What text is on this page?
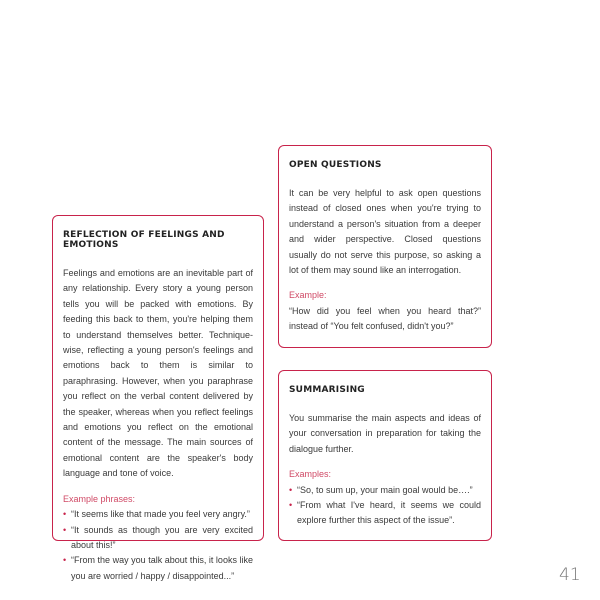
REFLECTION OF FEELINGS AND EMOTIONS

Feelings and emotions are an inevitable part of any relationship. Every story a young person tells you will be packed with emotions. By feeding this back to them, you're helping them to understand themselves better. Technique-wise, reflecting a young person's feelings and emotions back to them is similar to paraphrasing. However, when you paraphrase you reflect on the verbal content delivered by the speaker, whereas when you reflect feelings and emotions you reflect on the emotional content of the message. The main sources of emotional content are the speaker's body language and tone of voice.

Example phrases:

• “It seems like that made you feel very angry.”
• “It sounds as though you are very excited about this!”
• “From the way you talk about this, it looks like you are worried / happy / disappointed...”
OPEN QUESTIONS

It can be very helpful to ask open questions instead of closed ones when you're trying to understand a person's situation from a deeper and wider perspective. Closed questions usually do not serve this purpose, so asking a lot of them may sound like an interrogation.

Example:

“How did you feel when you heard that?” instead of “You felt confused, didn't you?”

SUMMARISING

You summarise the main aspects and ideas of your conversation in preparation for taking the dialogue further.

Examples:

• “So, to sum up, your main goal would be….”
• “From what I've heard, it seems we could explore further this aspect of the issue”.
41
